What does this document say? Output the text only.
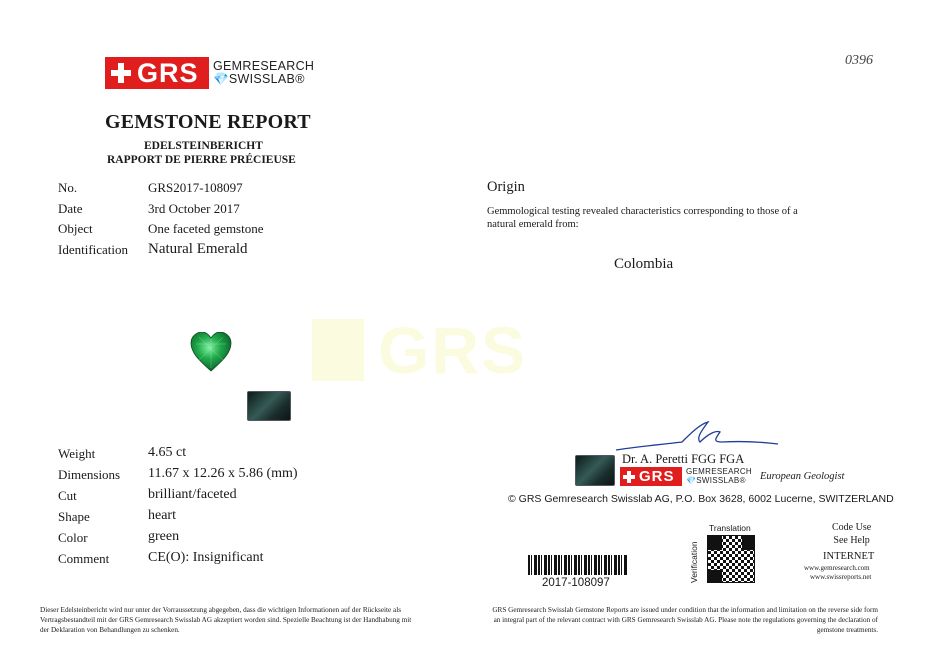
GRS GEMRESEARCH
💎SWISSLAB®
0396
GEMSTONE REPORT
EDELSTEINBERICHT
RAPPORT DE PIERRE PRÉCIEUSE
No.	GRS2017-108097
Date	3rd October 2017
Object	One faceted gemstone
Identification Natural Emerald
GRS
Weight	4.65 ct
Dimensions 11.67 x 12.26 x 5.86 (mm)
Cut	brilliant/faceted
Shape	heart
Color	green
Comment	CE(O): Insignificant
Origin
Gemmological testing revealed characteristics corresponding to those of a natural emerald from:
Colombia
Dr. A. Peretti FGG FGA
GRS GEMRESEARCH
💎SWISSLAB®	European Geologist
© GRS Gemresearch Swisslab AG, P.O. Box 3628, 6002 Lucerne, SWITZERLAND
2017-108097	Verification
Translation	Code Use
See Help
INTERNET
www.gemresearch.com
www.swissreports.net
Dieser Edelsteinbericht wird nur unter der Vorraussetzung abgegeben, dass die wichtigen Informationen auf der Rückseite als Vertragsbestandteil mit der GRS Gemresearch Swisslab AG akzeptiert worden sind. Spezielle Beachtung ist der Handhabung mit der Deklaration von Behandlungen zu schenken.
GRS Gemresearch Swisslab Gemstone Reports are issued under condition that the information and limitation on the reverse side form an integral part of the relevant contract with GRS Gemresearch Swisslab AG. Please note the regulations governing the declaration of gemstone treatments.
